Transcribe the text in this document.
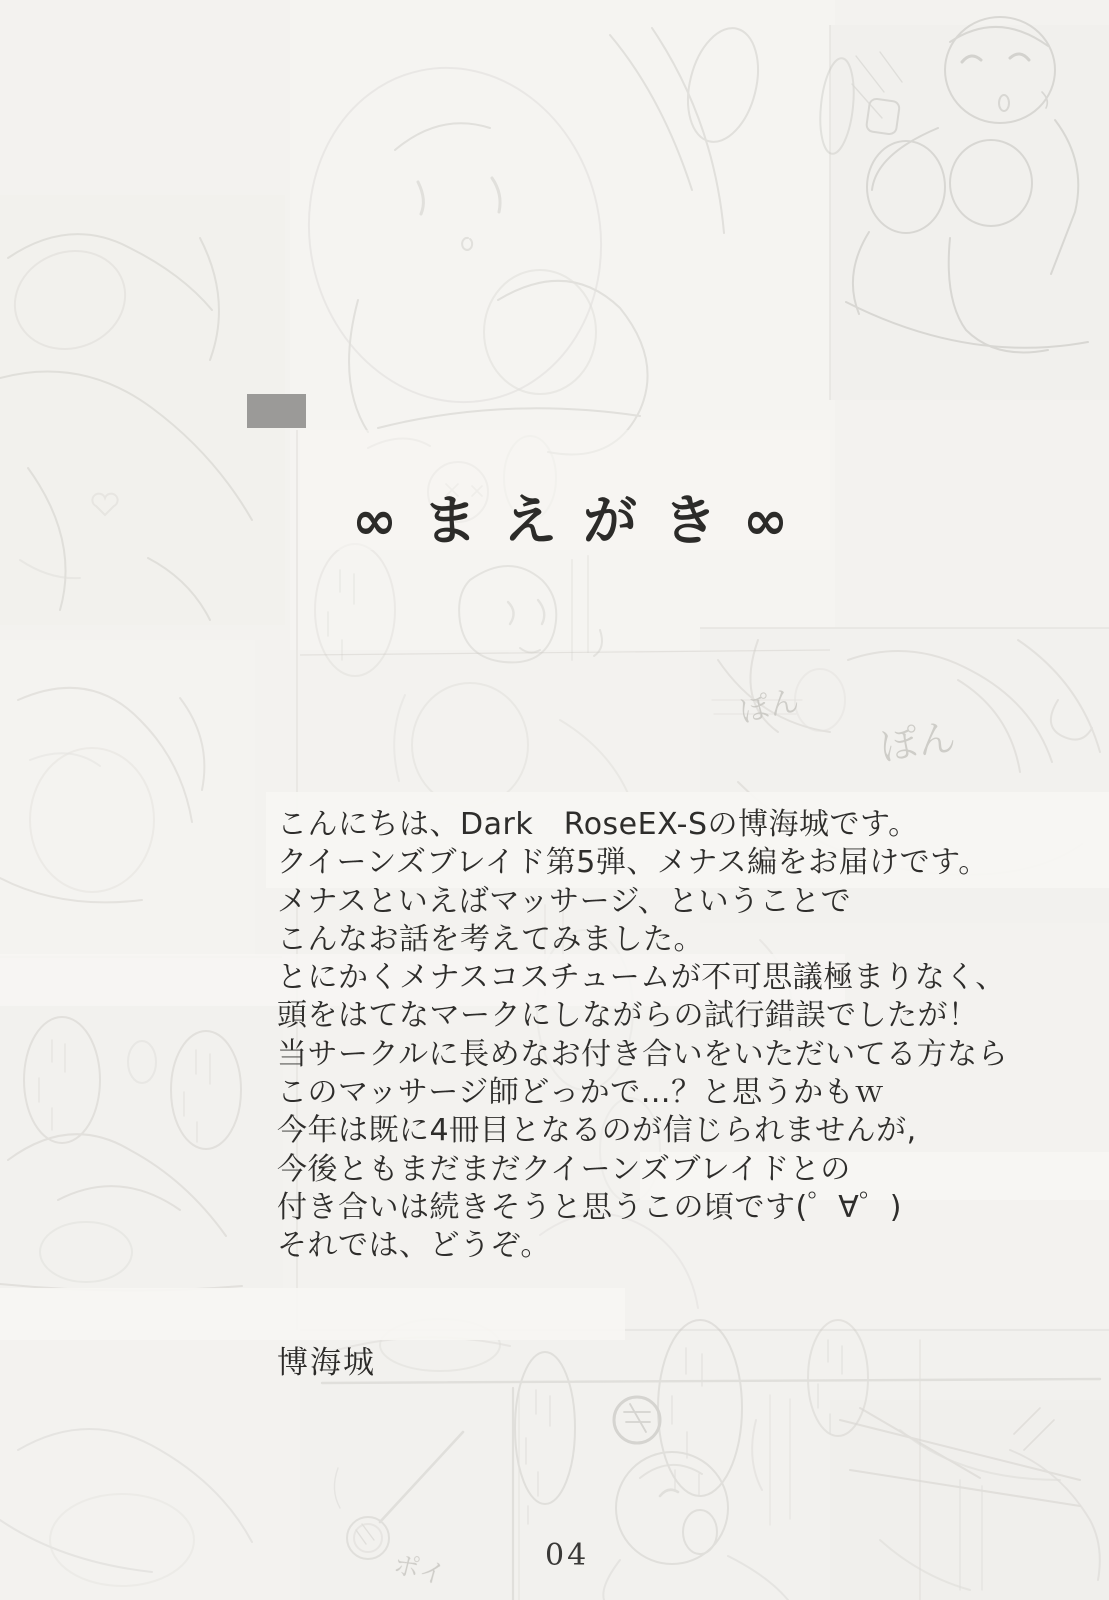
ぽん
ぽん
ポイ
∞まえがき∞
こんにちは、Dark　RoseEX-Sの博海城です。
クイーンズブレイド第5弾、メナス編をお届けです。
メナスといえばマッサージ、ということで
こんなお話を考えてみました。
とにかくメナスコスチュームが不可思議極まりなく、
頭をはてなマークにしながらの試行錯誤でしたが！
当サークルに長めなお付き合いをいただいてる方なら
このマッサージ師どっかで…？と思うかもｗ
今年は既に4冊目となるのが信じられませんが,
今後ともまだまだクイーンズブレイドとの
付き合いは続きそうと思うこの頃です(゜∀゜)
それでは、どうぞ。
博海城
04
